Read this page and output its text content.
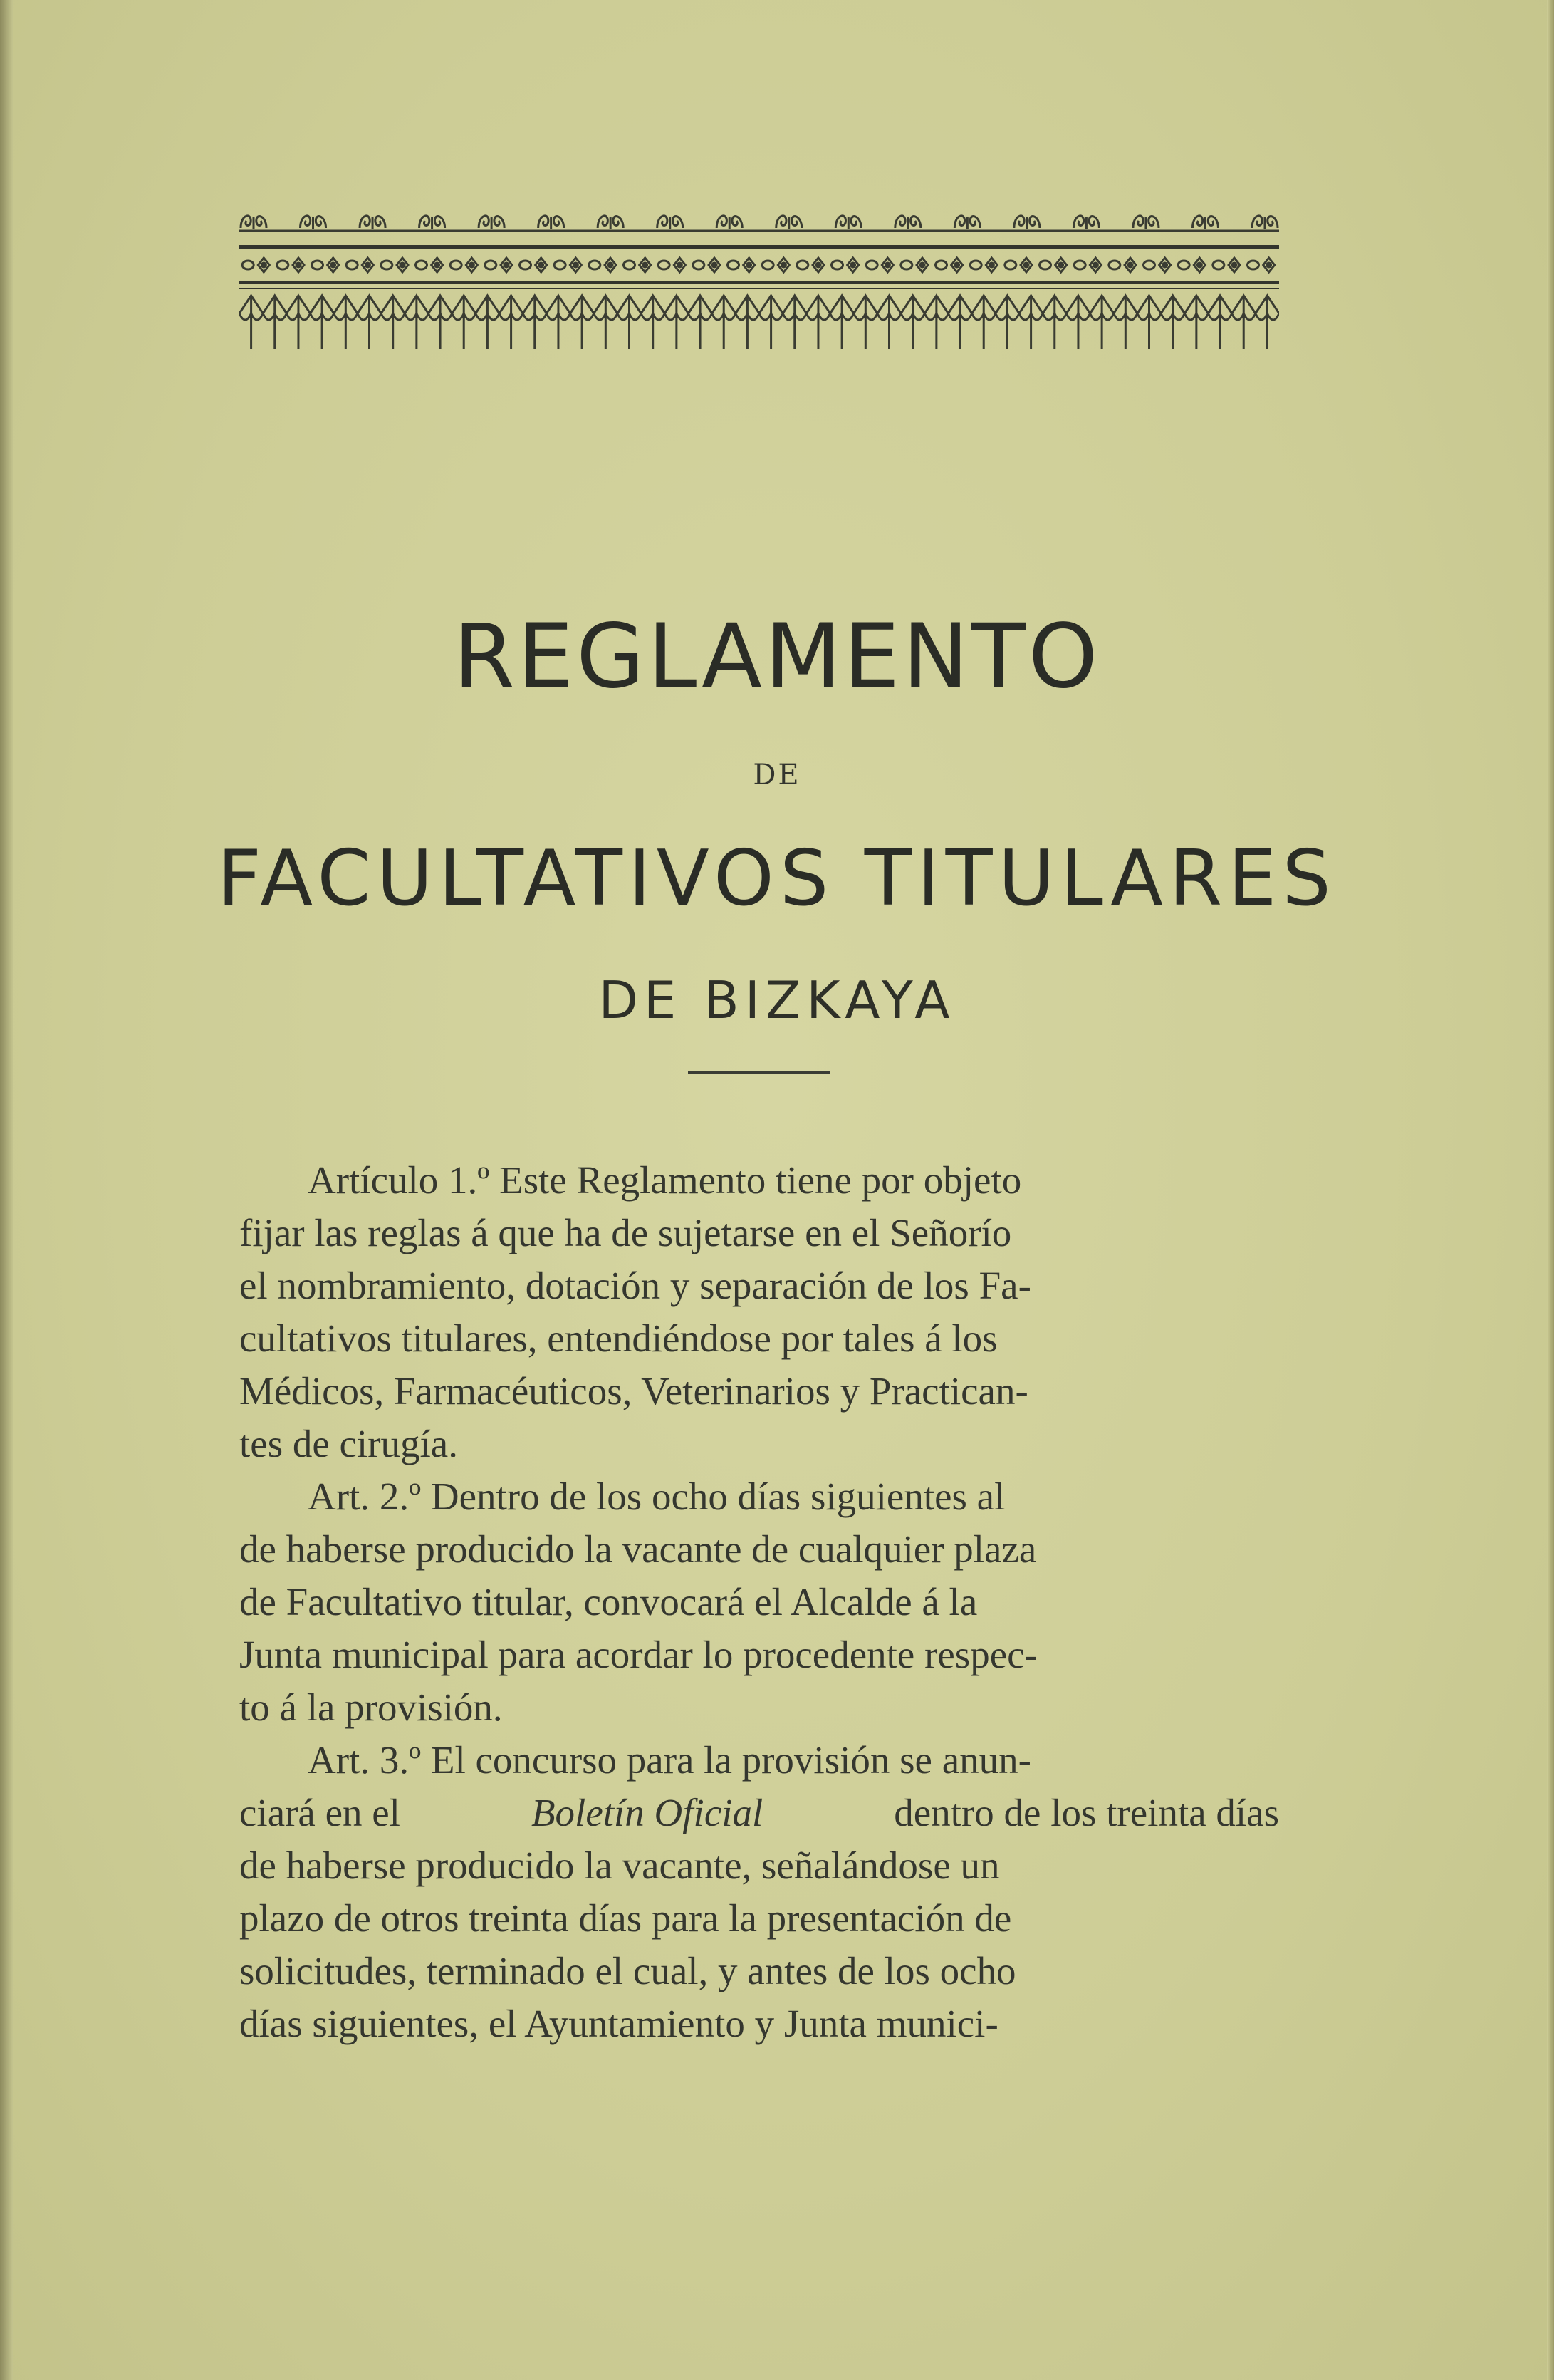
REGLAMENTO
DE
FACULTATIVOS TITULARES
DE BIZKAYA
Artículo 1.º Este Reglamento tiene por objeto
fijar las reglas á que ha de sujetarse en el Señorío
el nombramiento, dotación y separación de los Fa-
cultativos titulares, entendiéndose por tales á los
Médicos, Farmacéuticos, Veterinarios y Practican-
tes de cirugía.
Art. 2.º Dentro de los ocho días siguientes al
de haberse producido la vacante de cualquier plaza
de Facultativo titular, convocará el Alcalde á la
Junta municipal para acordar lo procedente respec-
to á la provisión.
Art. 3.º El concurso para la provisión se anun-
ciará en el	Boletín Oficial	dentro de los treinta días
de haberse producido la vacante, señalándose un
plazo de otros treinta días para la presentación de
solicitudes, terminado el cual, y antes de los ocho
días siguientes, el Ayuntamiento y Junta munici-
